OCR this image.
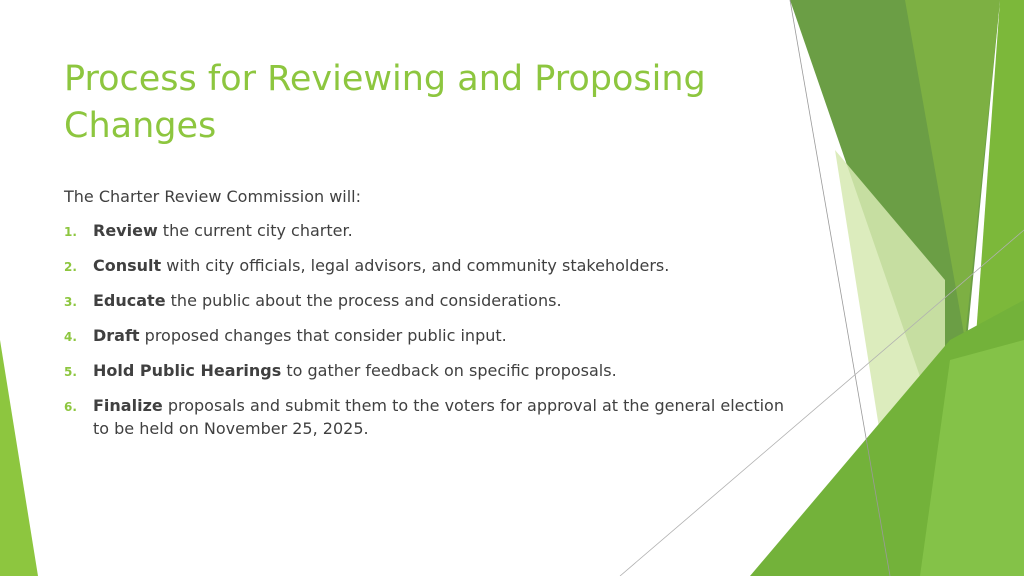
Process for Reviewing and Proposing Changes

The Charter Review Commission will:

1.	Review the current city charter.
2.	Consult with city officials, legal advisors, and community stakeholders.
3.	Educate the public about the process and considerations.
4.	Draft proposed changes that consider public input.
5.	Hold Public Hearings to gather feedback on specific proposals.
6.	Finalize proposals and submit them to the voters for approval at the general election to be held on November 25, 2025.
